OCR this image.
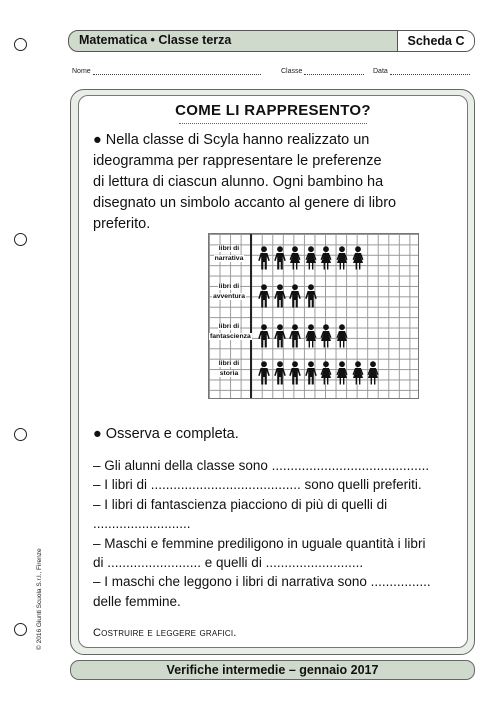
Matematica • Classe terza	Scheda C
Nome	Classe	Data
COME LI RAPPRESENTO?
● Nella classe di Scyla hanno realizzato un
ideogramma per rappresentare le preferenze
di lettura di ciascun alunno. Ogni bambino ha
disegnato un simbolo accanto al genere di libro
preferito.
libri di
narrativa

libri di
avventura

libri di
fantascienza

libri di
storia

● Osserva e completa.

– Gli alunni della classe sono ..........................................

– I libri di ........................................ sono quelli preferiti.

– I libri di fantascienza piacciono di più di quelli di

..........................

– Maschi e femmine prediligono in uguale quantità i libri

di ......................... e quelli di ..........................

– I maschi che leggono i libri di narrativa sono ................

delle femmine.

Costruire e leggere grafici.
Verifiche intermedie – gennaio 2017
© 2016 Giunti Scuola S.r.l., Firenze
